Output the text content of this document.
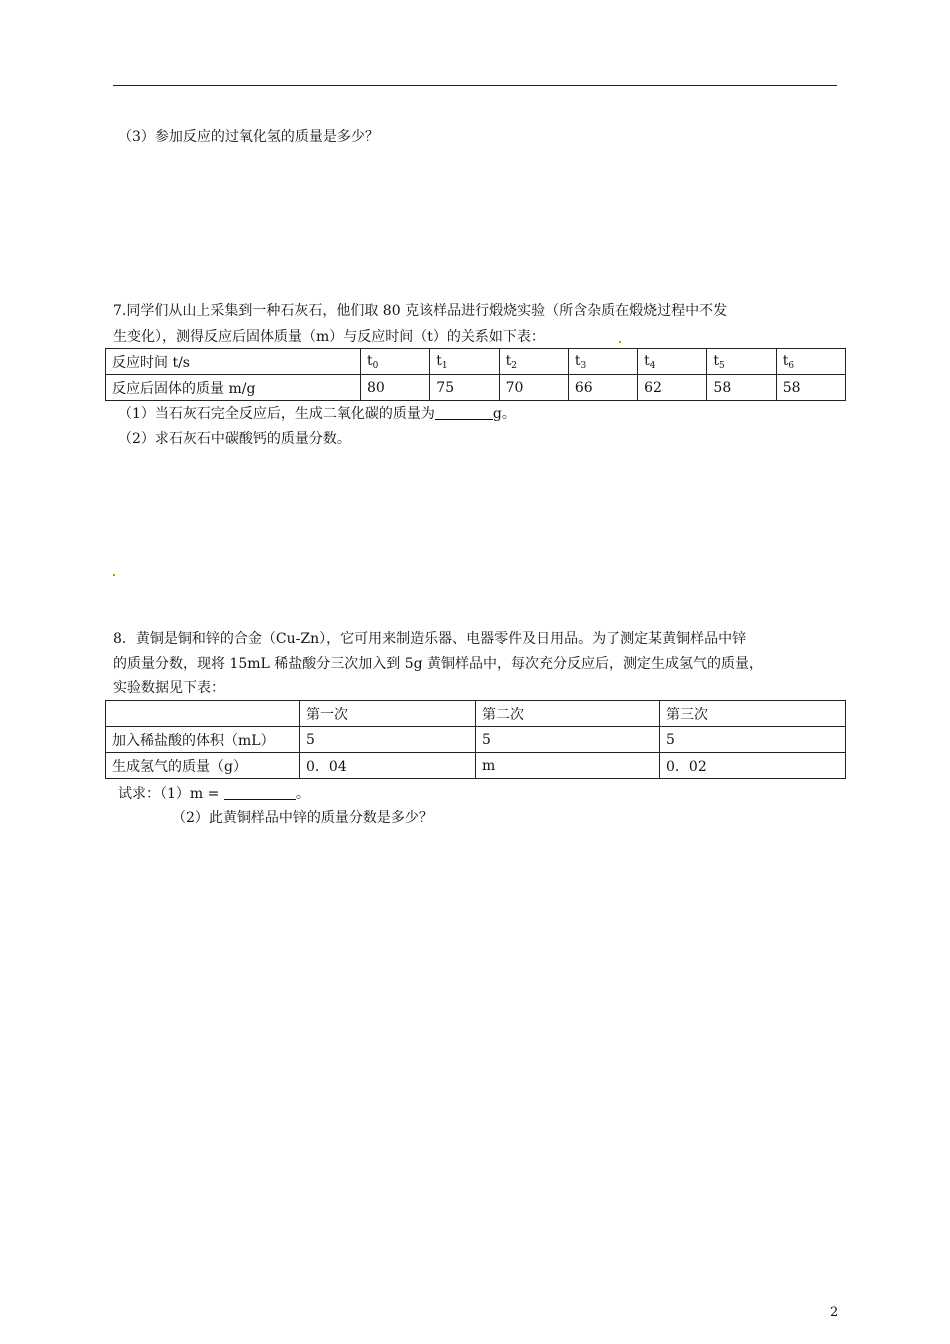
（3）参加反应的过氧化氢的质量是多少？
7.同学们从山上采集到一种石灰石，他们取 80 克该样品进行煅烧实验（所含杂质在煅烧过程中不发
生变化），测得反应后固体质量（m）与反应时间（t）的关系如下表：
反应时间 t/s	$t_0$	$t_1$	$t_2$	$t_3$	$t_4$	$t_5$	$t_6$
反应后固体的质量 m/g	80	75	70	66	62	58	58
（1）当石灰石完全反应后，生成二氧化碳的质量为	g。
（2）求石灰石中碳酸钙的质量分数。
8．黄铜是铜和锌的合金（Cu-Zn），它可用来制造乐器、电器零件及日用品。为了测定某黄铜样品中锌
的质量分数，现将 15mL 稀盐酸分三次加入到 5g 黄铜样品中，每次充分反应后，测定生成氢气的质量，
实验数据见下表：
	第一次	第二次	第三次
加入稀盐酸的体积（mL）	5	5	5
生成氢气的质量（g）	0．04	m	0．02
试求：（1）m =	。
（2）此黄铜样品中锌的质量分数是多少？
2
